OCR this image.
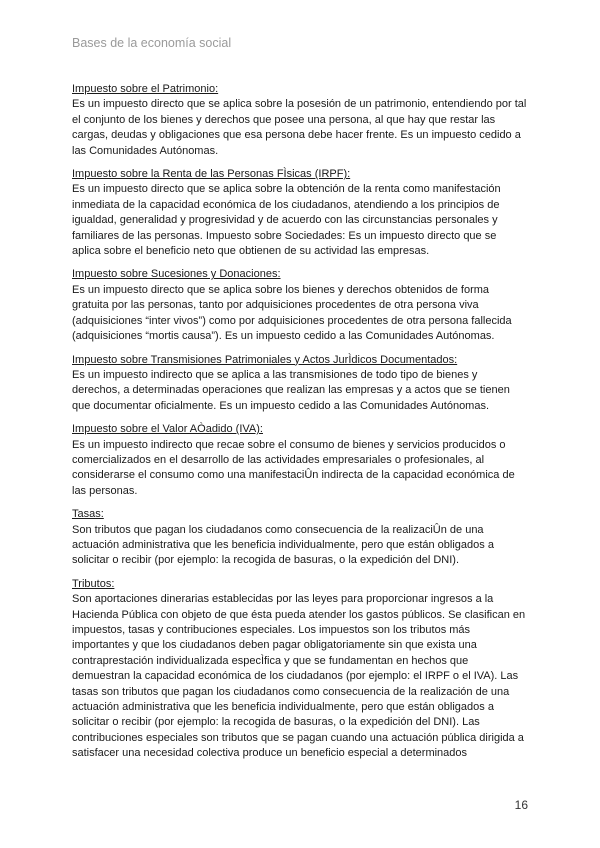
Bases de la economía social
Impuesto sobre el Patrimonio:
Es un impuesto directo que se aplica sobre la posesión de un patrimonio, entendiendo por tal el conjunto de los bienes y derechos que posee una persona, al que hay que restar las cargas, deudas y obligaciones que esa persona debe hacer frente. Es un impuesto cedido a las Comunidades Autónomas.
Impuesto sobre la Renta de las Personas FÌsicas (IRPF):
Es un impuesto directo que se aplica sobre la obtención de la renta como manifestación inmediata de la capacidad económica de los ciudadanos, atendiendo a los principios de igualdad, generalidad y progresividad y de acuerdo con las circunstancias personales y familiares de las personas. Impuesto sobre Sociedades: Es un impuesto directo que se aplica sobre el beneficio neto que obtienen de su actividad las empresas.
Impuesto sobre Sucesiones y Donaciones:
Es un impuesto directo que se aplica sobre los bienes y derechos obtenidos de forma gratuita por las personas, tanto por adquisiciones procedentes de otra persona viva (adquisiciones “inter vivos”) como por adquisiciones procedentes de otra persona fallecida (adquisiciones “mortis causa”). Es un impuesto cedido a las Comunidades Autónomas.
Impuesto sobre Transmisiones Patrimoniales y Actos JurÌdicos Documentados:
Es un impuesto indirecto que se aplica a las transmisiones de todo tipo de bienes y derechos, a determinadas operaciones que realizan las empresas y a actos que se tienen que documentar oficialmente. Es un impuesto cedido a las Comunidades Autónomas.
Impuesto sobre el Valor AÒadido (IVA):
Es un impuesto indirecto que recae sobre el consumo de bienes y servicios producidos o comercializados en el desarrollo de las actividades empresariales o profesionales, al considerarse el consumo como una manifestaciÛn indirecta de la capacidad económica de las personas.
Tasas:
Son tributos que pagan los ciudadanos como consecuencia de la realizaciÛn de una actuación administrativa que les beneficia individualmente, pero que están obligados a solicitar o recibir (por ejemplo: la recogida de basuras, o la expedición del DNI).
Tributos:
Son aportaciones dinerarias establecidas por las leyes para proporcionar ingresos a la Hacienda Pública con objeto de que ésta pueda atender los gastos públicos. Se clasifican en impuestos, tasas y contribuciones especiales. Los impuestos son los tributos más importantes y que los ciudadanos deben pagar obligatoriamente sin que exista una contraprestación individualizada especÌfica y que se fundamentan en hechos que demuestran la capacidad económica de los ciudadanos (por ejemplo: el IRPF o el IVA). Las tasas son tributos que pagan los ciudadanos como consecuencia de la realización de una actuación administrativa que les beneficia individualmente, pero que están obligados a solicitar o recibir (por ejemplo: la recogida de basuras, o la expedición del DNI). Las contribuciones especiales son tributos que se pagan cuando una actuación pública dirigida a satisfacer una necesidad colectiva produce un beneficio especial a determinados
16
